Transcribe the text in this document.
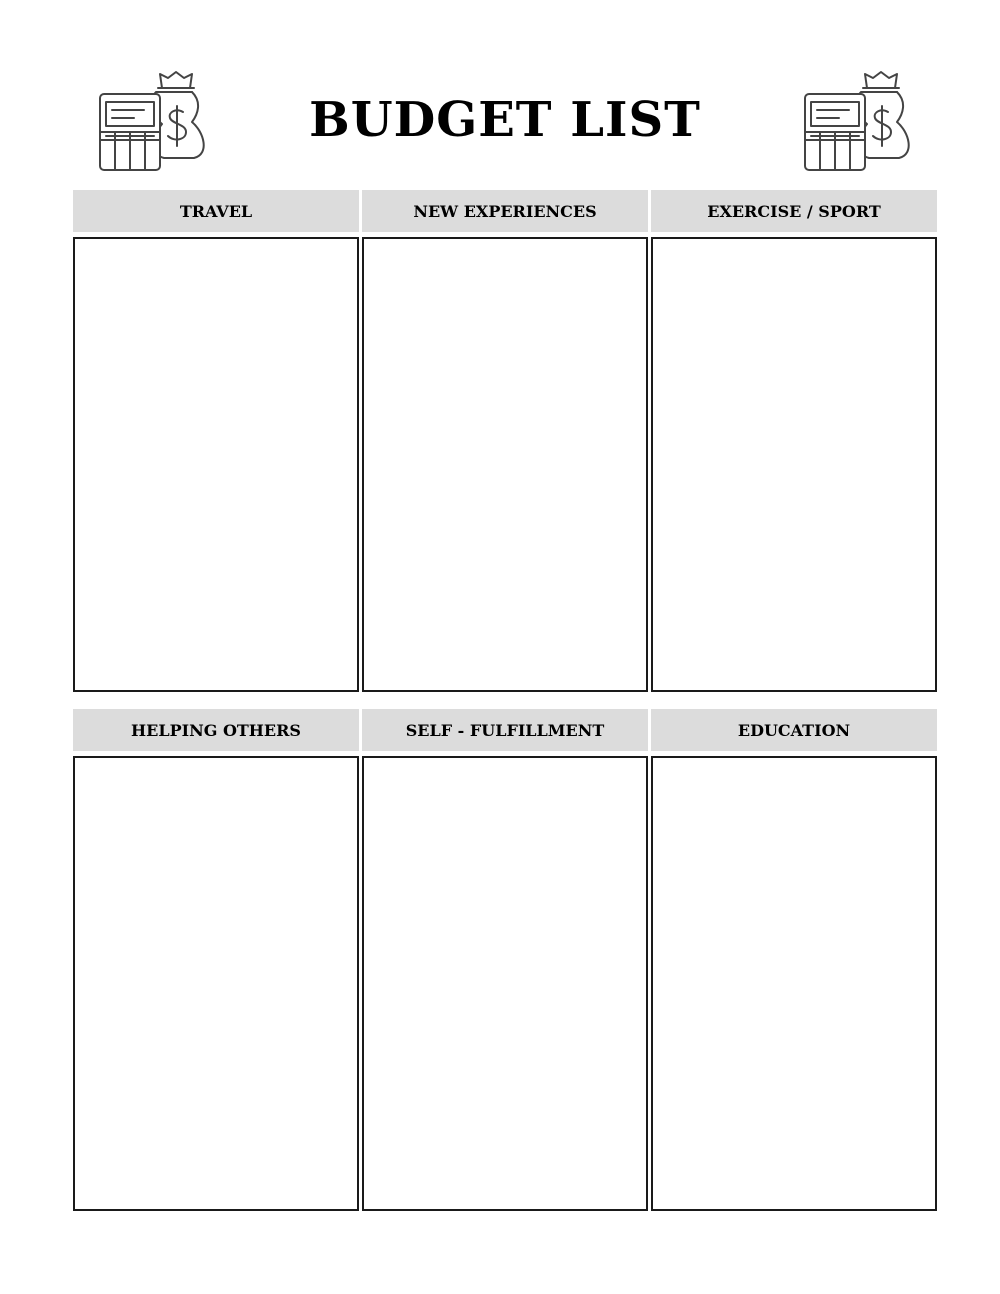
BUDGET LIST
TRAVEL	NEW EXPERIENCES	EXERCISE / SPORT
HELPING OTHERS	SELF - FULFILLMENT	EDUCATION
